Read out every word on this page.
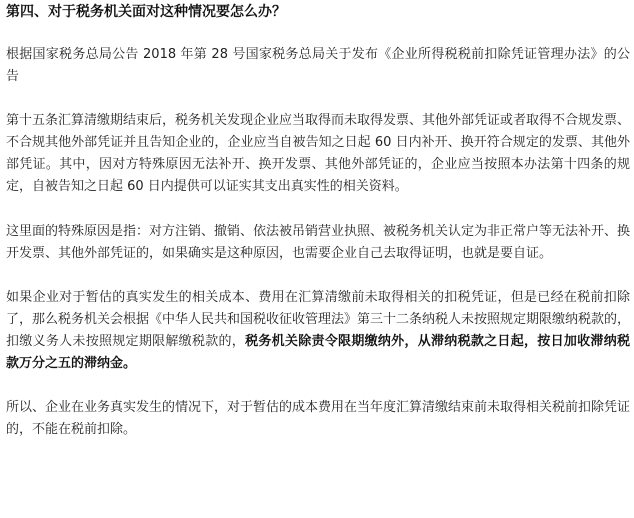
第四、对于税务机关面对这种情况要怎么办？

根据国家税务总局公告 2018 年第 28 号国家税务总局关于发布《企业所得税税前扣除凭证管理办法》的公告

第十五条汇算清缴期结束后，税务机关发现企业应当取得而未取得发票、其他外部凭证或者取得不合规发票、不合规其他外部凭证并且告知企业的，企业应当自被告知之日起 60 日内补开、换开符合规定的发票、其他外部凭证。其中，因对方特殊原因无法补开、换开发票、其他外部凭证的，企业应当按照本办法第十四条的规定，自被告知之日起 60 日内提供可以证实其支出真实性的相关资料。

这里面的特殊原因是指：对方注销、撤销、依法被吊销营业执照、被税务机关认定为非正常户等无法补开、换开发票、其他外部凭证的，如果确实是这种原因，也需要企业自己去取得证明，也就是要自证。

如果企业对于暂估的真实发生的相关成本、费用在汇算清缴前未取得相关的扣税凭证，但是已经在税前扣除了，那么税务机关会根据《中华人民共和国税收征收管理法》第三十二条纳税人未按照规定期限缴纳税款的，扣缴义务人未按照规定期限解缴税款的，税务机关除责令限期缴纳外，从滞纳税款之日起，按日加收滞纳税款万分之五的滞纳金。

所以、企业在业务真实发生的情况下，对于暂估的成本费用在当年度汇算清缴结束前未取得相关税前扣除凭证的，不能在税前扣除。
